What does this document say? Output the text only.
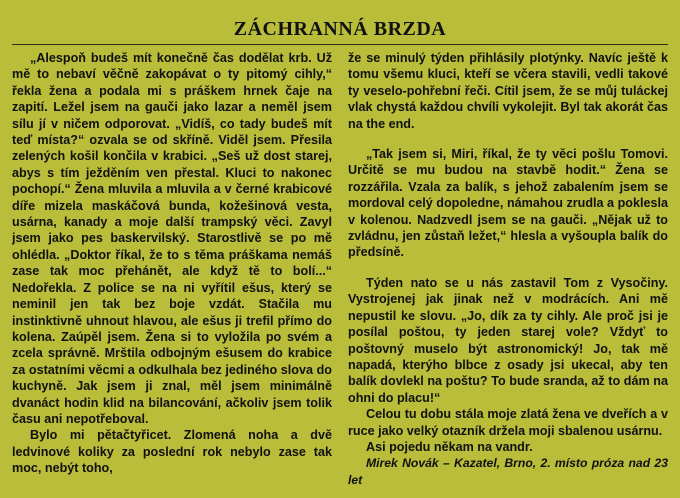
ZÁCHRANNÁ BRZDA

„Alespoň budeš mít konečně čas dodělat krb. Už mě to nebaví věčně zakopávat o ty pitomý cihly,“ řekla žena a podala mi s práškem hrnek čaje na zapití. Ležel jsem na gauči jako lazar a neměl jsem sílu jí v ničem odporovat. „Vidíš, co tady budeš mít teď místa?“ ozvala se od skříně. Viděl jsem. Přesila zelených košil končila v krabici. „Seš už dost starej, abys s tím ježděním ven přestal. Kluci to nakonec pochopí.“ Žena mluvila a mluvila a v černé krabicové díře mizela maskáčová bunda, kožešinová vesta, usárna, kanady a moje další trampský věci. Zavyl jsem jako pes baskervilský. Starostlivě se po mě ohlédla. „Doktor říkal, že to s těma práškama nemáš zase tak moc přehánět, ale když tě to bolí...“ Nedořekla. Z police se na ni vyřítil ešus, který se neminil jen tak bez boje vzdát. Stačila mu instinktivně uhnout hlavou, ale ešus ji trefil přímo do kolena. Zaúpěl jsem. Žena si to vyložila po svém a zcela správně. Mrštila odbojným ešusem do krabice za ostatními věcmi a odkulhala bez jediného slova do kuchyně. Jak jsem ji znal, měl jsem minimálně dvanáct hodin klid na bilancování, ačkoliv jsem tolik času ani nepotřeboval.

Bylo mi pětačtyřicet. Zlomená noha a dvě ledvinové koliky za poslední rok nebylo zase tak moc, nebýt toho,

že se minulý týden přihlásily plotýnky. Navíc ještě k tomu všemu kluci, kteří se včera stavili, vedli takové ty veselo-pohřební řeči. Cítil jsem, že se můj tuláckej vlak chystá každou chvíli vykolejit. Byl tak akorát čas na the end.

„Tak jsem si, Miri, říkal, že ty věci pošlu Tomovi. Určitě se mu budou na stavbě hodit.“ Žena se rozzářila. Vzala za balík, s jehož zabalením jsem se mordoval celý dopoledne, námahou zrudla a poklesla v kolenou. Nadzvedl jsem se na gauči. „Nějak už to zvládnu, jen zůstaň ležet,“ hlesla a vyšoupla balík do předsíně.

Týden nato se u nás zastavil Tom z Vysočiny. Vystrojenej jak jinak než v modrácích. Ani mě nepustil ke slovu. „Jo, dík za ty cihly. Ale proč jsi je posílal poštou, ty jeden starej vole? Vždyť to poštovný muselo být astronomický! Jo, tak mě napadá, kterýho blbce z osady jsi ukecal, aby ten balík dovlekl na poštu? To bude sranda, až to dám na ohni do placu!“

Celou tu dobu stála moje zlatá žena ve dveřích a v ruce jako velký otazník držela moji sbalenou usárnu.

Asi pojedu někam na vandr.

Mirek Novák – Kazatel, Brno, 2. místo próza nad 23 let
